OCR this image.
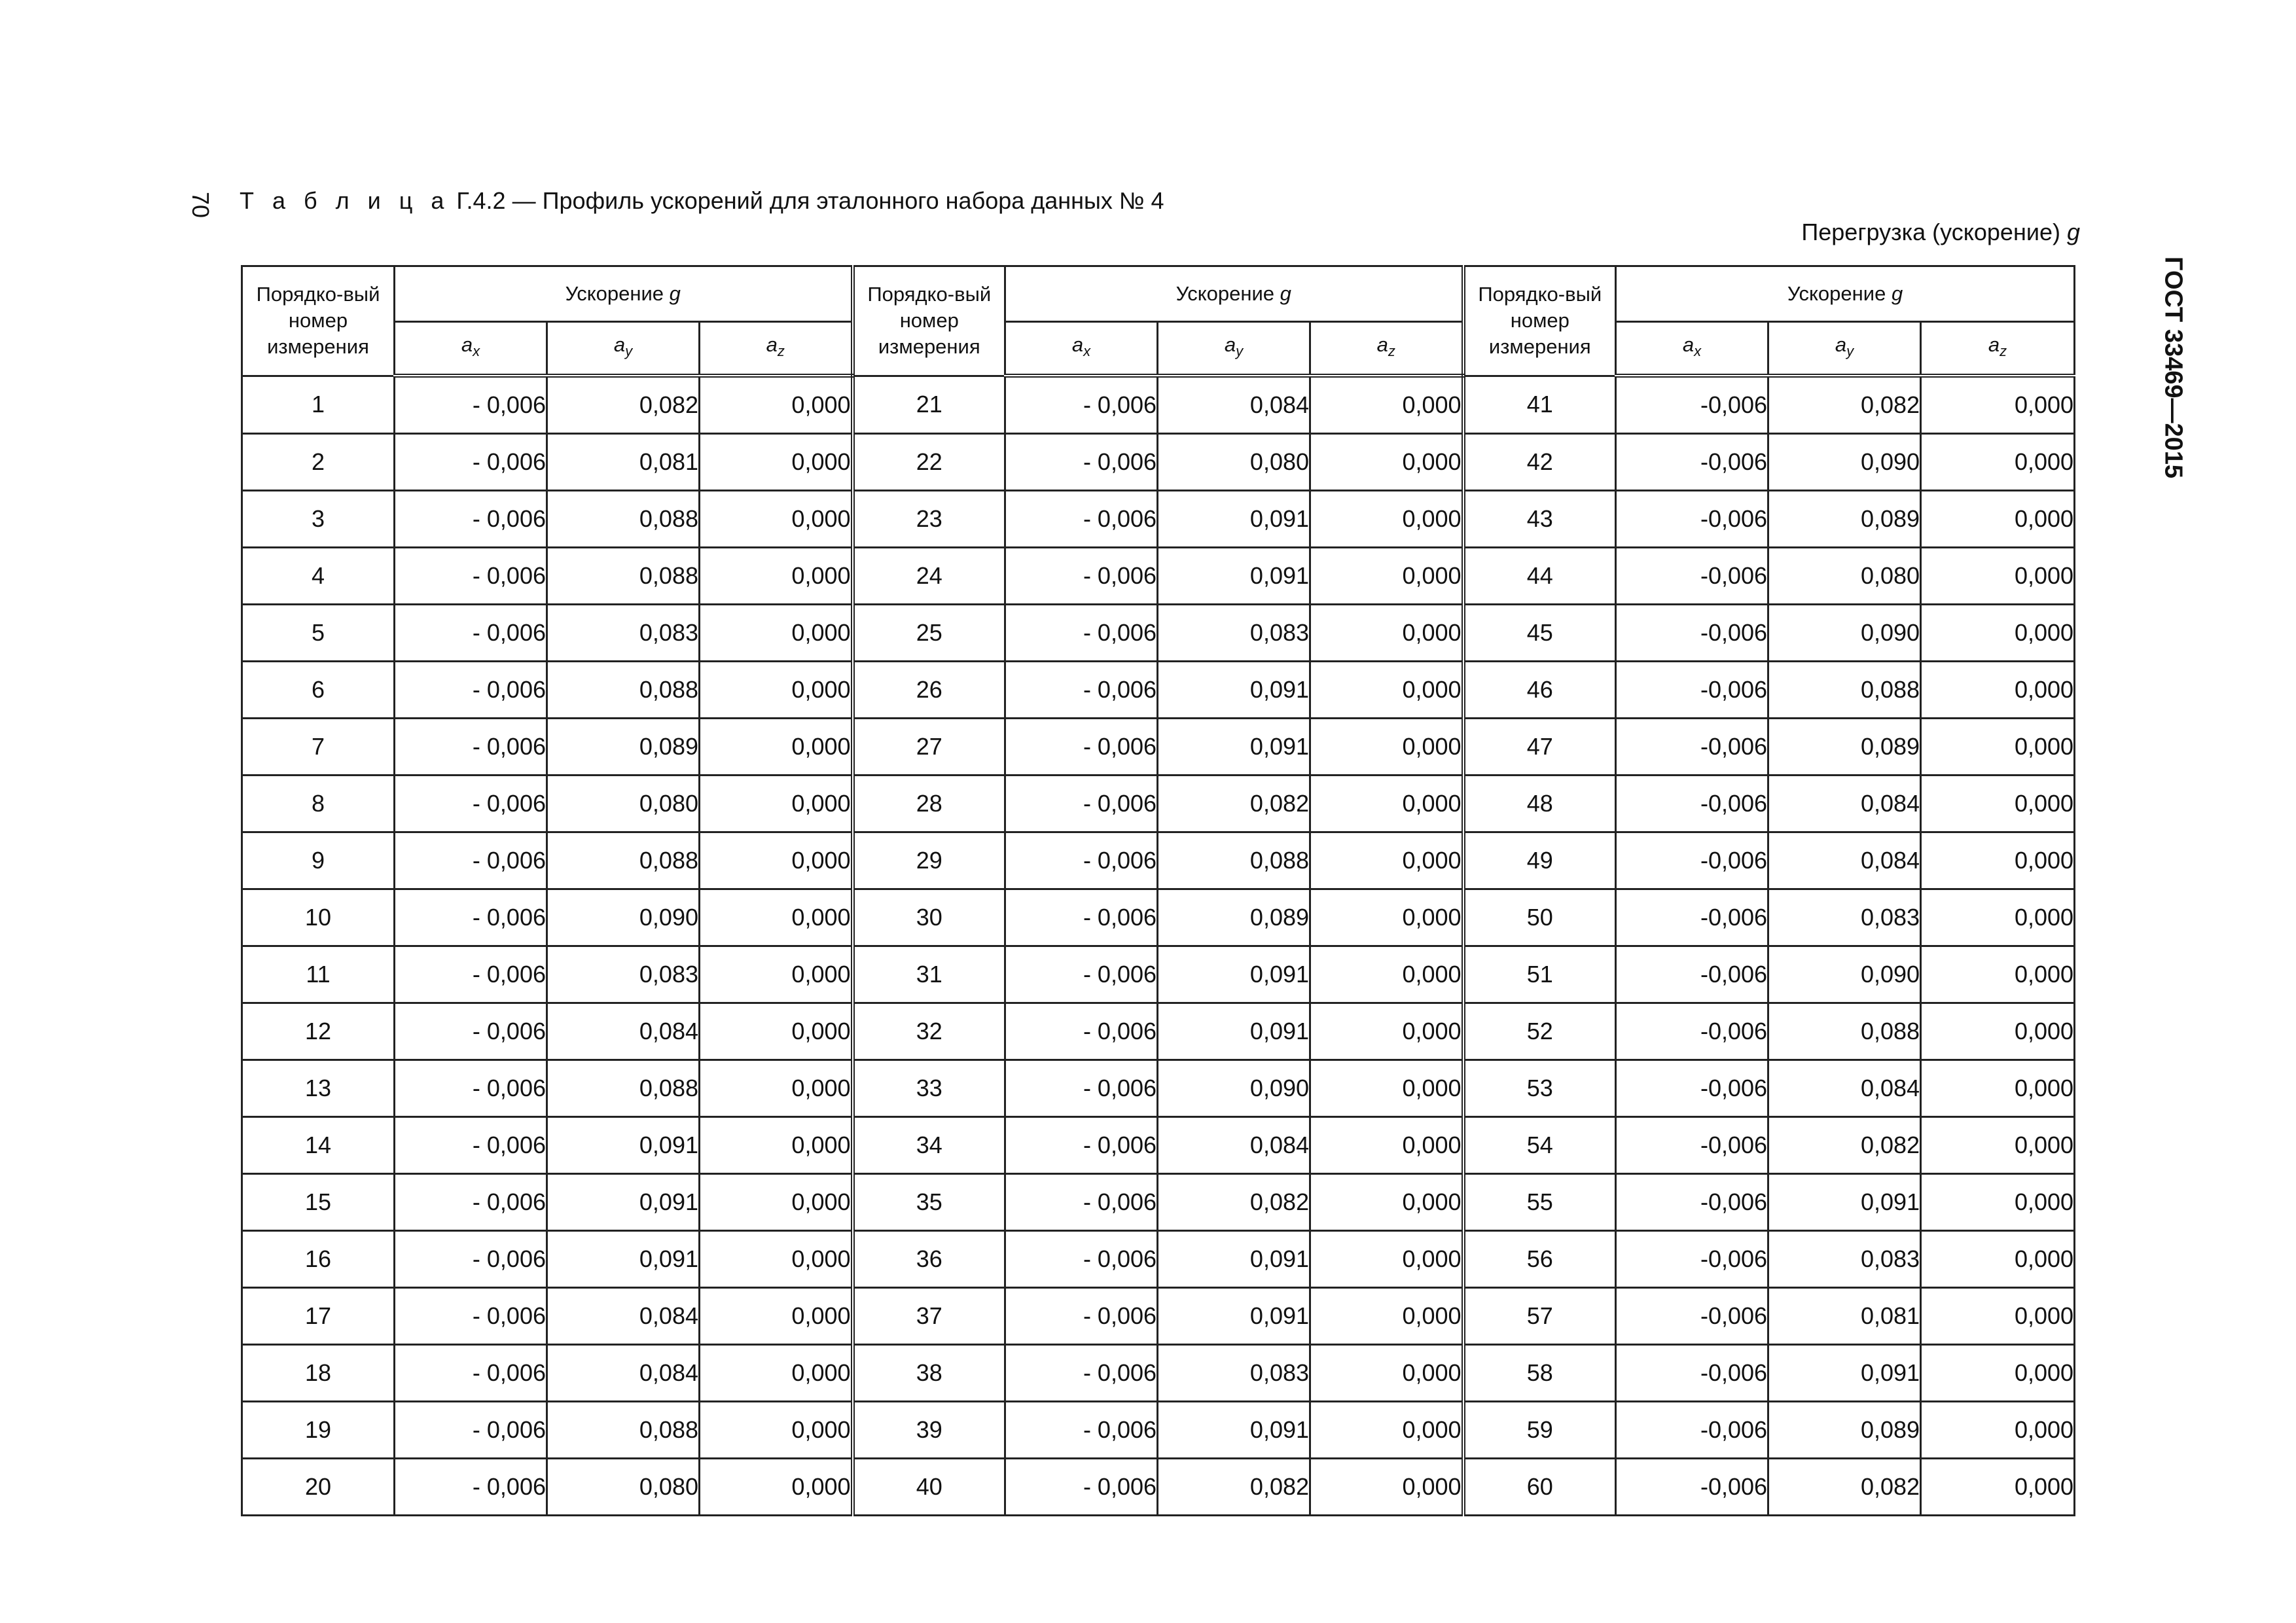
70
ГОСТ 33469—2015
Т а б л и ц а Г.4.2 — Профиль ускорений для эталонного набора данных № 4
Перегрузка (ускорение) g
Порядко-вый номер измерения	Ускорение g			Порядко-вый номер измерения	Ускорение g			Порядко-вый номер измерения	Ускорение g		
	$a_x$	$a_y$	$a_z$		$a_x$	$a_y$	$a_z$		$a_x$	$a_y$	$a_z$
1	- 0,006	0,082	0,000	21	- 0,006	0,084	0,000	41	-0,006	0,082	0,000
2	- 0,006	0,081	0,000	22	- 0,006	0,080	0,000	42	-0,006	0,090	0,000
3	- 0,006	0,088	0,000	23	- 0,006	0,091	0,000	43	-0,006	0,089	0,000
4	- 0,006	0,088	0,000	24	- 0,006	0,091	0,000	44	-0,006	0,080	0,000
5	- 0,006	0,083	0,000	25	- 0,006	0,083	0,000	45	-0,006	0,090	0,000
6	- 0,006	0,088	0,000	26	- 0,006	0,091	0,000	46	-0,006	0,088	0,000
7	- 0,006	0,089	0,000	27	- 0,006	0,091	0,000	47	-0,006	0,089	0,000
8	- 0,006	0,080	0,000	28	- 0,006	0,082	0,000	48	-0,006	0,084	0,000
9	- 0,006	0,088	0,000	29	- 0,006	0,088	0,000	49	-0,006	0,084	0,000
10	- 0,006	0,090	0,000	30	- 0,006	0,089	0,000	50	-0,006	0,083	0,000
11	- 0,006	0,083	0,000	31	- 0,006	0,091	0,000	51	-0,006	0,090	0,000
12	- 0,006	0,084	0,000	32	- 0,006	0,091	0,000	52	-0,006	0,088	0,000
13	- 0,006	0,088	0,000	33	- 0,006	0,090	0,000	53	-0,006	0,084	0,000
14	- 0,006	0,091	0,000	34	- 0,006	0,084	0,000	54	-0,006	0,082	0,000
15	- 0,006	0,091	0,000	35	- 0,006	0,082	0,000	55	-0,006	0,091	0,000
16	- 0,006	0,091	0,000	36	- 0,006	0,091	0,000	56	-0,006	0,083	0,000
17	- 0,006	0,084	0,000	37	- 0,006	0,091	0,000	57	-0,006	0,081	0,000
18	- 0,006	0,084	0,000	38	- 0,006	0,083	0,000	58	-0,006	0,091	0,000
19	- 0,006	0,088	0,000	39	- 0,006	0,091	0,000	59	-0,006	0,089	0,000
20	- 0,006	0,080	0,000	40	- 0,006	0,082	0,000	60	-0,006	0,082	0,000
